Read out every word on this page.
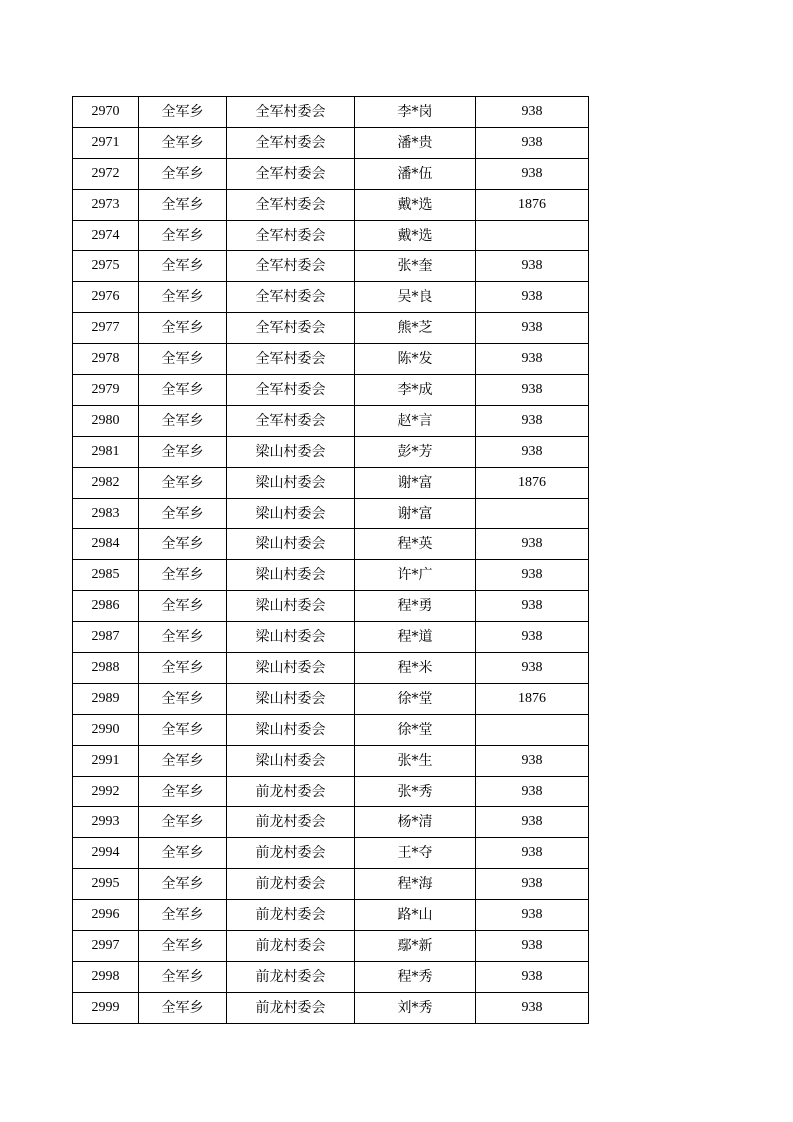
2970	全军乡	全军村委会	李*岗	938
2971	全军乡	全军村委会	潘*贵	938
2972	全军乡	全军村委会	潘*伍	938
2973	全军乡	全军村委会	戴*选	1876
2974	全军乡	全军村委会	戴*选	
2975	全军乡	全军村委会	张*奎	938
2976	全军乡	全军村委会	吴*良	938
2977	全军乡	全军村委会	熊*芝	938
2978	全军乡	全军村委会	陈*发	938
2979	全军乡	全军村委会	李*成	938
2980	全军乡	全军村委会	赵*言	938
2981	全军乡	梁山村委会	彭*芳	938
2982	全军乡	梁山村委会	谢*富	1876
2983	全军乡	梁山村委会	谢*富	
2984	全军乡	梁山村委会	程*英	938
2985	全军乡	梁山村委会	许*广	938
2986	全军乡	梁山村委会	程*勇	938
2987	全军乡	梁山村委会	程*道	938
2988	全军乡	梁山村委会	程*米	938
2989	全军乡	梁山村委会	徐*堂	1876
2990	全军乡	梁山村委会	徐*堂	
2991	全军乡	梁山村委会	张*生	938
2992	全军乡	前龙村委会	张*秀	938
2993	全军乡	前龙村委会	杨*清	938
2994	全军乡	前龙村委会	王*夺	938
2995	全军乡	前龙村委会	程*海	938
2996	全军乡	前龙村委会	路*山	938
2997	全军乡	前龙村委会	鄢*新	938
2998	全军乡	前龙村委会	程*秀	938
2999	全军乡	前龙村委会	刘*秀	938
